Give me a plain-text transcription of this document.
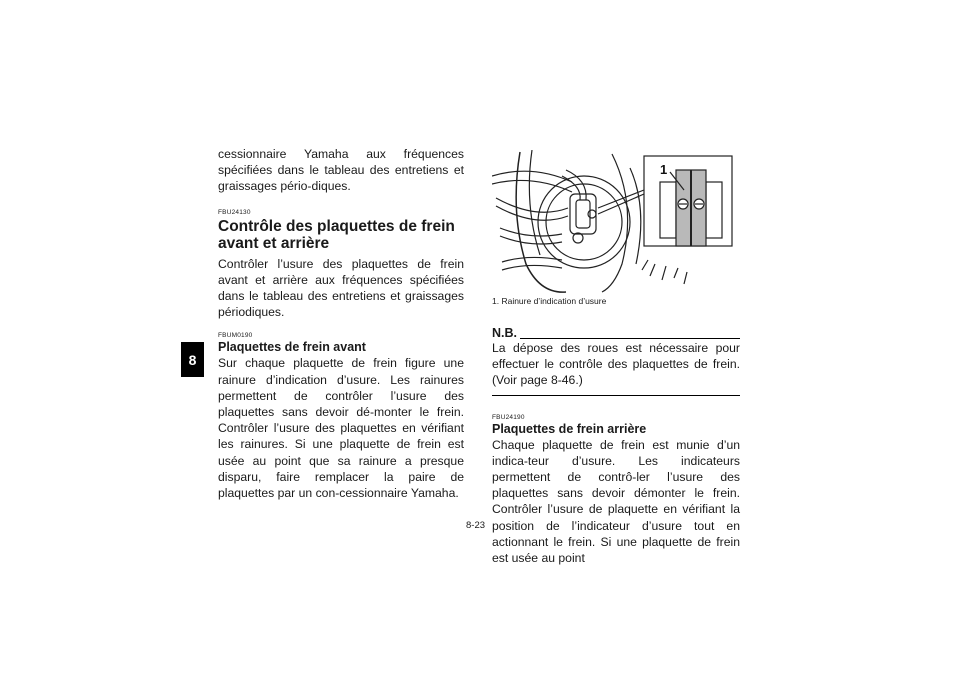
8

cessionnaire Yamaha aux fréquences spécifiées dans le tableau des entretiens et graissages pério-diques.

FBU24130
Contrôle des plaquettes de frein avant et arrière

Contrôler l’usure des plaquettes de frein avant et arrière aux fréquences spécifiées dans le tableau des entretiens et graissages périodiques.

FBUM0190
Plaquettes de frein avant

Sur chaque plaquette de frein figure une rainure d’indication d’usure. Les rainures permettent de contrôler l’usure des plaquettes sans devoir dé-monter le frein. Contrôler l’usure des plaquettes en vérifiant les rainures. Si une plaquette de frein est usée au point que sa rainure a presque disparu, faire remplacer la paire de plaquettes par un con-cessionnaire Yamaha.

1
1. Rainure d’indication d’usure
N.B.

La dépose des roues est nécessaire pour effectuer le contrôle des plaquettes de frein. (Voir page 8-46.)

FBU24190
Plaquettes de frein arrière

Chaque plaquette de frein est munie d’un indica-teur d’usure. Les indicateurs permettent de contrô-ler l’usure des plaquettes sans devoir démonter le frein. Contrôler l’usure de plaquette en vérifiant la position de l’indicateur d’usure tout en actionnant le frein. Si une plaquette de frein est usée au point

8-23
